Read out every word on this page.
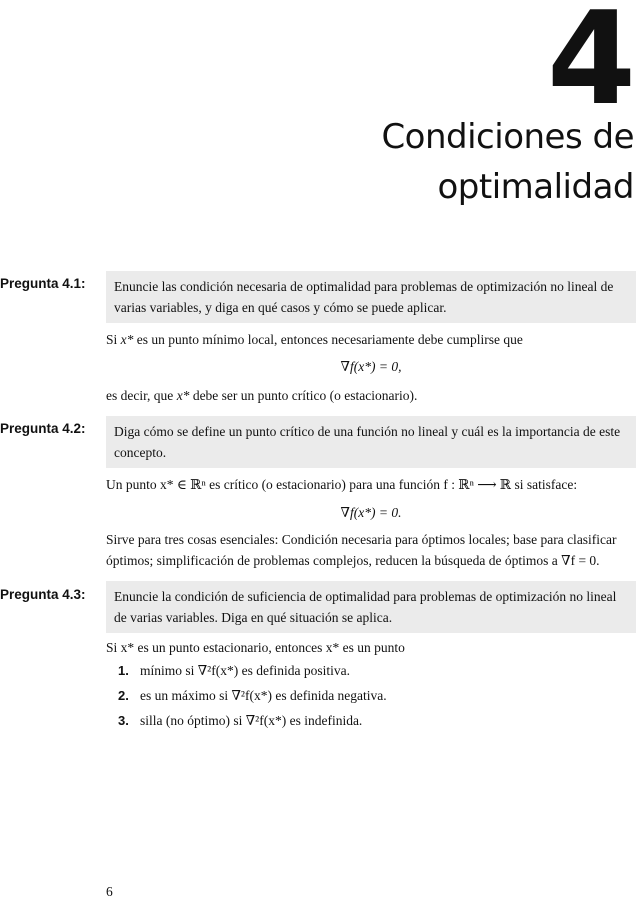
4
Condiciones de
optimalidad
Pregunta 4.1:	Enuncie las condición necesaria de optimalidad para problemas de optimización no lineal de varias variables, y diga en qué casos y cómo se puede aplicar.
Si x* es un punto mínimo local, entonces necesariamente debe cumplirse que
∇f(x*) = 0,
es decir, que x* debe ser un punto crítico (o estacionario).
Pregunta 4.2:	Diga cómo se define un punto crítico de una función no lineal y cuál es la importancia de este concepto.
Un punto x* ∈ ℝⁿ es crítico (o estacionario) para una función f : ℝⁿ ⟶ ℝ si satisface:
∇f(x*) = 0.
Sirve para tres cosas esenciales: Condición necesaria para óptimos locales; base para clasificar óptimos; simplificación de problemas complejos, reducen la búsqueda de óptimos a ∇f = 0.
Pregunta 4.3:	Enuncie la condición de suficiencia de optimalidad para problemas de optimización no lineal de varias variables. Diga en qué situación se aplica.
Si x* es un punto estacionario, entonces x* es un punto
1. mínimo si ∇²f(x*) es definida positiva.
2. es un máximo si ∇²f(x*) es definida negativa.
3. silla (no óptimo) si ∇²f(x*) es indefinida.
6
